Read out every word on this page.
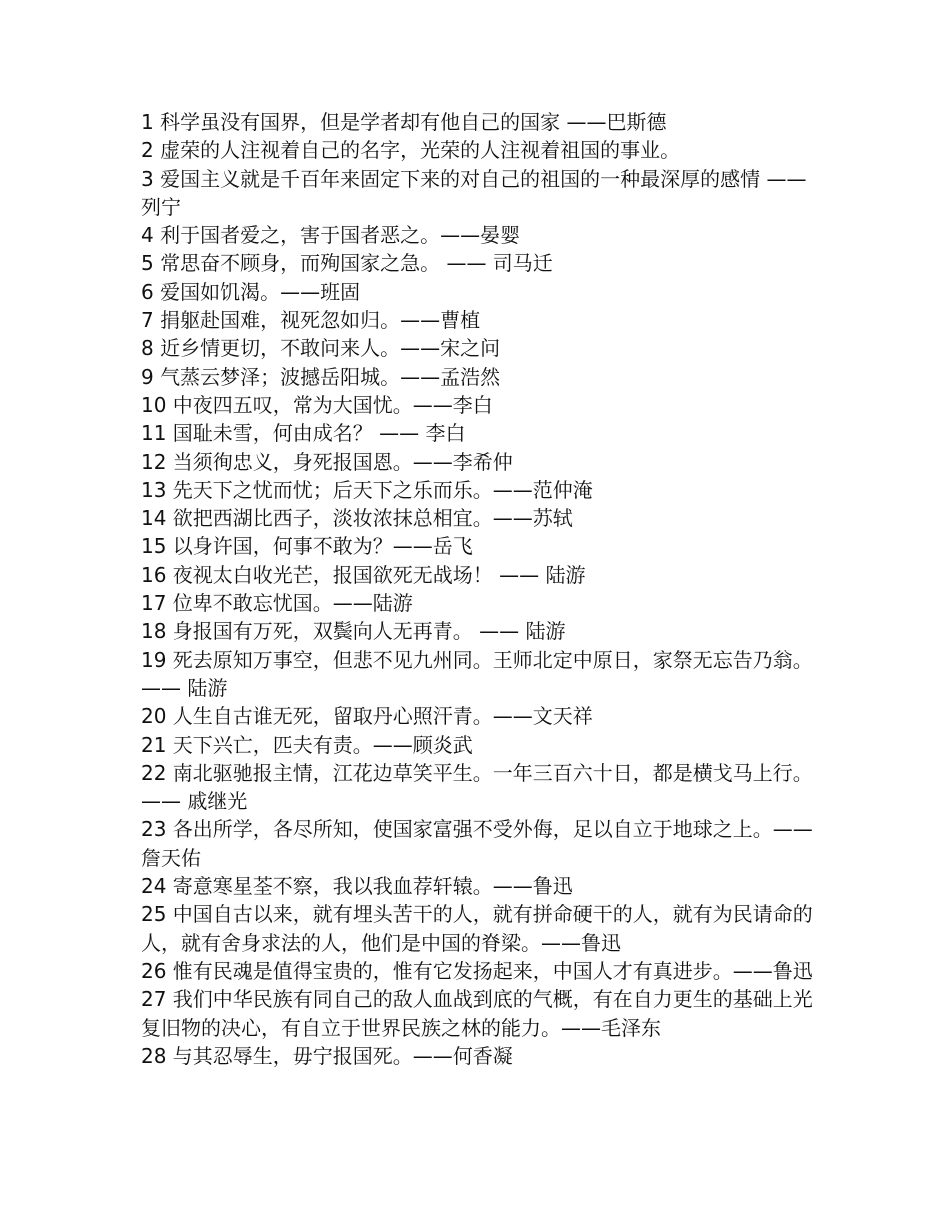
1 科学虽没有国界，但是学者却有他自己的国家 ——巴斯德
2 虚荣的人注视着自己的名字，光荣的人注视着祖国的事业。
3 爱国主义就是千百年来固定下来的对自己的祖国的一种最深厚的感情 ——列宁
4 利于国者爱之，害于国者恶之。——晏婴
5 常思奋不顾身，而殉国家之急。 —— 司马迁
6 爱国如饥渴。——班固
7 捐躯赴国难，视死忽如归。——曹植
8 近乡情更切，不敢问来人。——宋之问
9 气蒸云梦泽；波撼岳阳城。——孟浩然
10 中夜四五叹，常为大国忧。——李白
11 国耻未雪，何由成名？ —— 李白
12 当须徇忠义，身死报国恩。——李希仲
13 先天下之忧而忧；后天下之乐而乐。——范仲淹
14 欲把西湖比西子，淡妆浓抹总相宜。——苏轼
15 以身许国，何事不敢为？——岳飞
16 夜视太白收光芒，报国欲死无战场！ —— 陆游
17 位卑不敢忘忧国。——陆游
18 身报国有万死，双鬓向人无再青。 —— 陆游
19 死去原知万事空，但悲不见九州同。王师北定中原日，家祭无忘告乃翁。 —— 陆游
20 人生自古谁无死，留取丹心照汗青。——文天祥
21 天下兴亡，匹夫有责。——顾炎武
22 南北驱驰报主情，江花边草笑平生。一年三百六十日，都是横戈马上行。—— 戚继光
23 各出所学，各尽所知，使国家富强不受外侮，足以自立于地球之上。—— 詹天佑
24 寄意寒星荃不察，我以我血荐轩辕。——鲁迅
25 中国自古以来，就有埋头苦干的人，就有拼命硬干的人，就有为民请命的人，就有舍身求法的人，他们是中国的脊梁。——鲁迅
26 惟有民魂是值得宝贵的，惟有它发扬起来，中国人才有真进步。——鲁迅
27 我们中华民族有同自己的敌人血战到底的气概，有在自力更生的基础上光复旧物的决心，有自立于世界民族之林的能力。——毛泽东
28 与其忍辱生，毋宁报国死。——何香凝
